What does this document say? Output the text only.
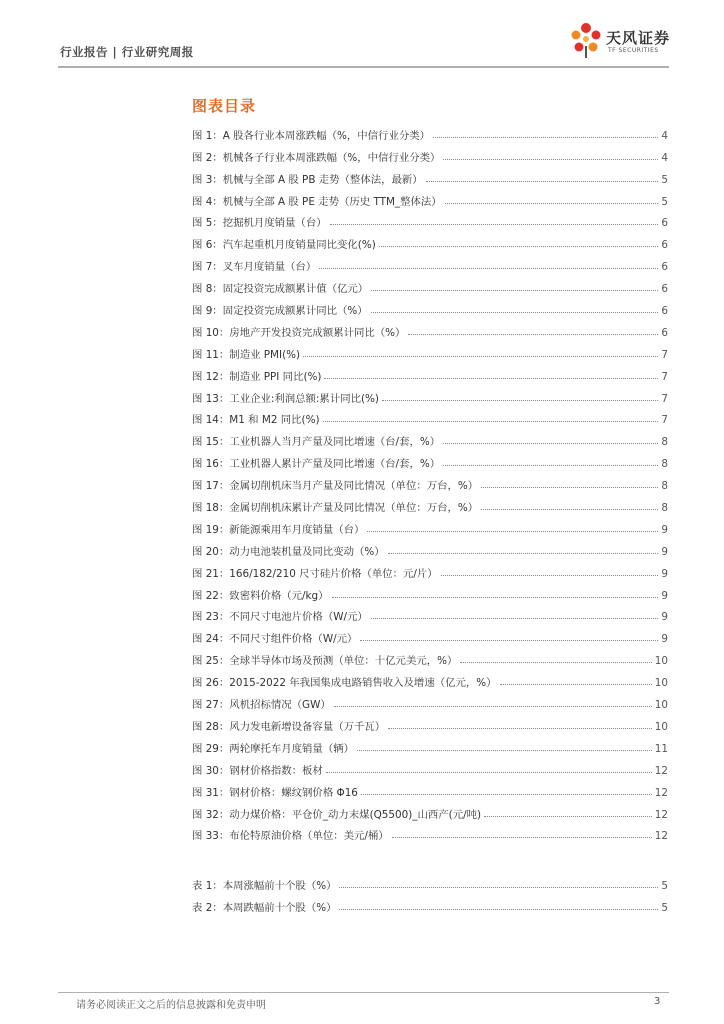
行业报告 | 行业研究周报
天风证券
TF SECURITIES
图表目录
图 1：A 股各行业本周涨跌幅（%，中信行业分类）	4
图 2：机械各子行业本周涨跌幅（%，中信行业分类）	4
图 3：机械与全部 A 股 PB 走势（整体法，最新）	5
图 4：机械与全部 A 股 PE 走势（历史 TTM_整体法）	5
图 5：挖掘机月度销量（台）	6
图 6：汽车起重机月度销量同比变化(%)	6
图 7：叉车月度销量（台）	6
图 8：固定投资完成额累计值（亿元）	6
图 9：固定投资完成额累计同比（%）	6
图 10：房地产开发投资完成额累计同比（%）	6
图 11：制造业 PMI(%)	7
图 12：制造业 PPI 同比(%)	7
图 13：工业企业:利润总额:累计同比(%)	7
图 14：M1 和 M2 同比(%)	7
图 15：工业机器人当月产量及同比增速（台/套，%）	8
图 16：工业机器人累计产量及同比增速（台/套，%）	8
图 17：金属切削机床当月产量及同比情况（单位：万台，%）	8
图 18：金属切削机床累计产量及同比情况（单位：万台，%）	8
图 19：新能源乘用车月度销量（台）	9
图 20：动力电池装机量及同比变动（%）	9
图 21：166/182/210 尺寸硅片价格（单位：元/片）	9
图 22：致密料价格（元/kg）	9
图 23：不同尺寸电池片价格（W/元）	9
图 24：不同尺寸组件价格（W/元）	9
图 25：全球半导体市场及预测（单位：十亿元美元，%）	10
图 26：2015-2022 年我国集成电路销售收入及增速（亿元，%）	10
图 27：风机招标情况（GW）	10
图 28：风力发电新增设备容量（万千瓦）	10
图 29：两轮摩托车月度销量（辆）	11
图 30：钢材价格指数：板材	12
图 31：钢材价格：螺纹钢价格 Φ16	12
图 32：动力煤价格：平仓价_动力末煤(Q5500)_山西产(元/吨)	12
图 33：布伦特原油价格（单位：美元/桶）	12
表 1：本周涨幅前十个股（%）	5
表 2：本周跌幅前十个股（%）	5
请务必阅读正文之后的信息披露和免责申明	3
